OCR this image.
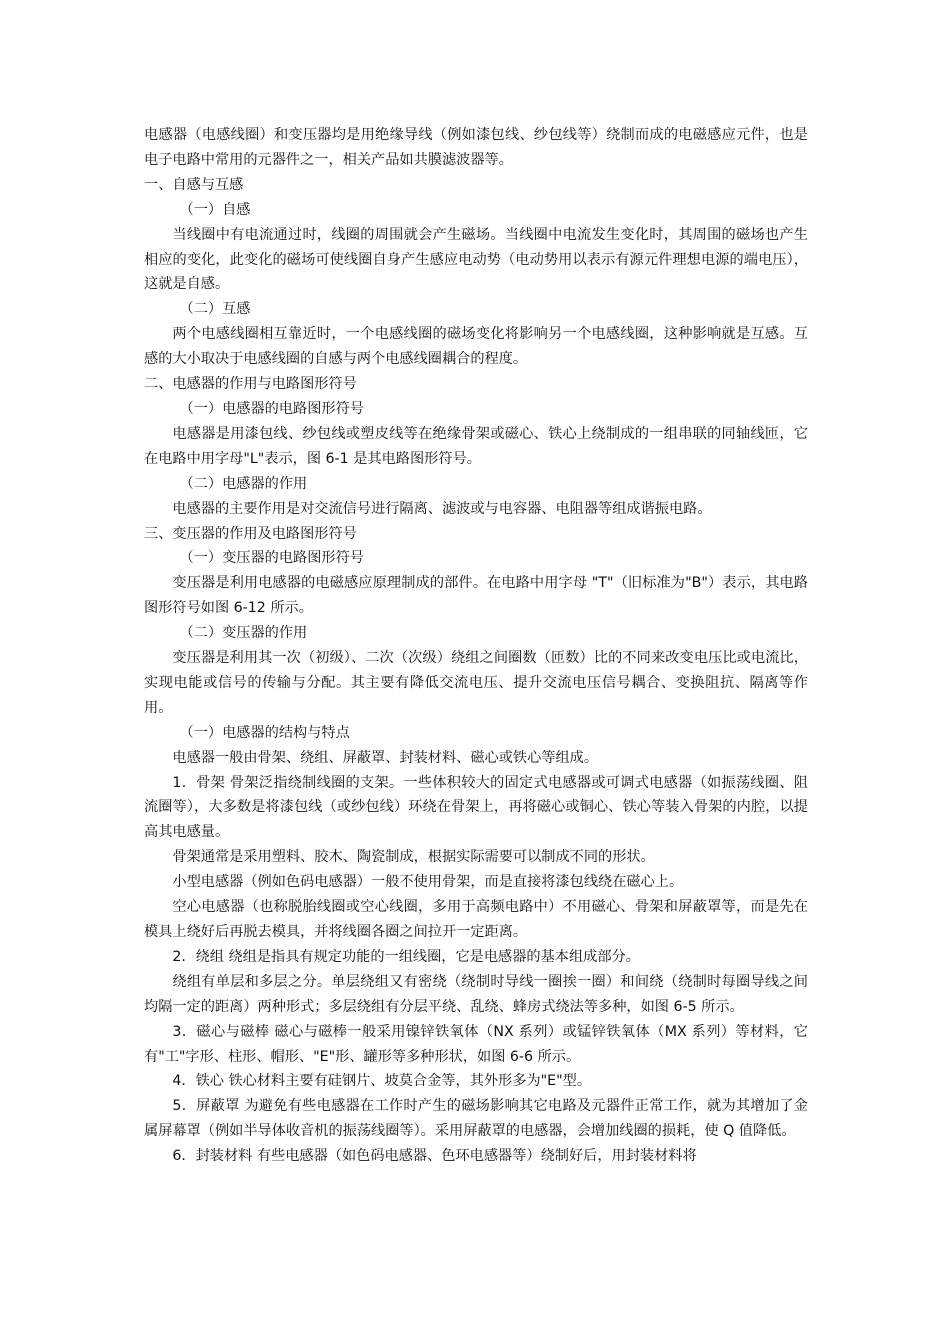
电感器（电感线圈）和变压器均是用绝缘导线（例如漆包线、纱包线等）绕制而成的电磁感应元件，也是电子电路中常用的元器件之一，相关产品如共膜滤波器等。

一、自感与互感

（一）自感

当线圈中有电流通过时，线圈的周围就会产生磁场。当线圈中电流发生变化时，其周围的磁场也产生相应的变化，此变化的磁场可使线圈自身产生感应电动势（电动势用以表示有源元件理想电源的端电压），这就是自感。

（二）互感

两个电感线圈相互靠近时，一个电感线圈的磁场变化将影响另一个电感线圈，这种影响就是互感。互感的大小取决于电感线圈的自感与两个电感线圈耦合的程度。

二、电感器的作用与电路图形符号

（一）电感器的电路图形符号

电感器是用漆包线、纱包线或塑皮线等在绝缘骨架或磁心、铁心上绕制成的一组串联的同轴线匝，它在电路中用字母"L"表示，图 6-1 是其电路图形符号。

（二）电感器的作用

电感器的主要作用是对交流信号进行隔离、滤波或与电容器、电阻器等组成谐振电路。

三、变压器的作用及电路图形符号

（一）变压器的电路图形符号

变压器是利用电感器的电磁感应原理制成的部件。在电路中用字母 "T"（旧标准为"B"）表示，其电路图形符号如图 6-12 所示。

（二）变压器的作用

变压器是利用其一次（初级）、二次（次级）绕组之间圈数（匝数）比的不同来改变电压比或电流比，实现电能或信号的传输与分配。其主要有降低交流电压、提升交流电压信号耦合、变换阻抗、隔离等作用。

（一）电感器的结构与特点

电感器一般由骨架、绕组、屏蔽罩、封装材料、磁心或铁心等组成。

1．骨架 骨架泛指绕制线圈的支架。一些体积较大的固定式电感器或可调式电感器（如振荡线圈、阻流圈等），大多数是将漆包线（或纱包线）环绕在骨架上，再将磁心或铜心、铁心等装入骨架的内腔，以提高其电感量。

骨架通常是采用塑料、胶木、陶瓷制成，根据实际需要可以制成不同的形状。

小型电感器（例如色码电感器）一般不使用骨架，而是直接将漆包线绕在磁心上。

空心电感器（也称脱胎线圈或空心线圈，多用于高频电路中）不用磁心、骨架和屏蔽罩等，而是先在模具上绕好后再脱去模具，并将线圈各圈之间拉开一定距离。

2．绕组 绕组是指具有规定功能的一组线圈，它是电感器的基本组成部分。

绕组有单层和多层之分。单层绕组又有密绕（绕制时导线一圈挨一圈）和间绕（绕制时每圈导线之间均隔一定的距离）两种形式；多层绕组有分层平绕、乱绕、蜂房式绕法等多种，如图 6-5 所示。

3．磁心与磁棒 磁心与磁棒一般采用镍锌铁氧体（NX 系列）或锰锌铁氧体（MX 系列）等材料，它有"工"字形、柱形、帽形、"E"形、罐形等多种形状，如图 6-6 所示。

4．铁心 铁心材料主要有硅钢片、坡莫合金等，其外形多为"E"型。

5．屏蔽罩 为避免有些电感器在工作时产生的磁场影响其它电路及元器件正常工作，就为其增加了金属屏幕罩（例如半导体收音机的振荡线圈等）。采用屏蔽罩的电感器，会增加线圈的损耗，使 Q 值降低。

6．封装材料 有些电感器（如色码电感器、色环电感器等）绕制好后，用封装材料将
